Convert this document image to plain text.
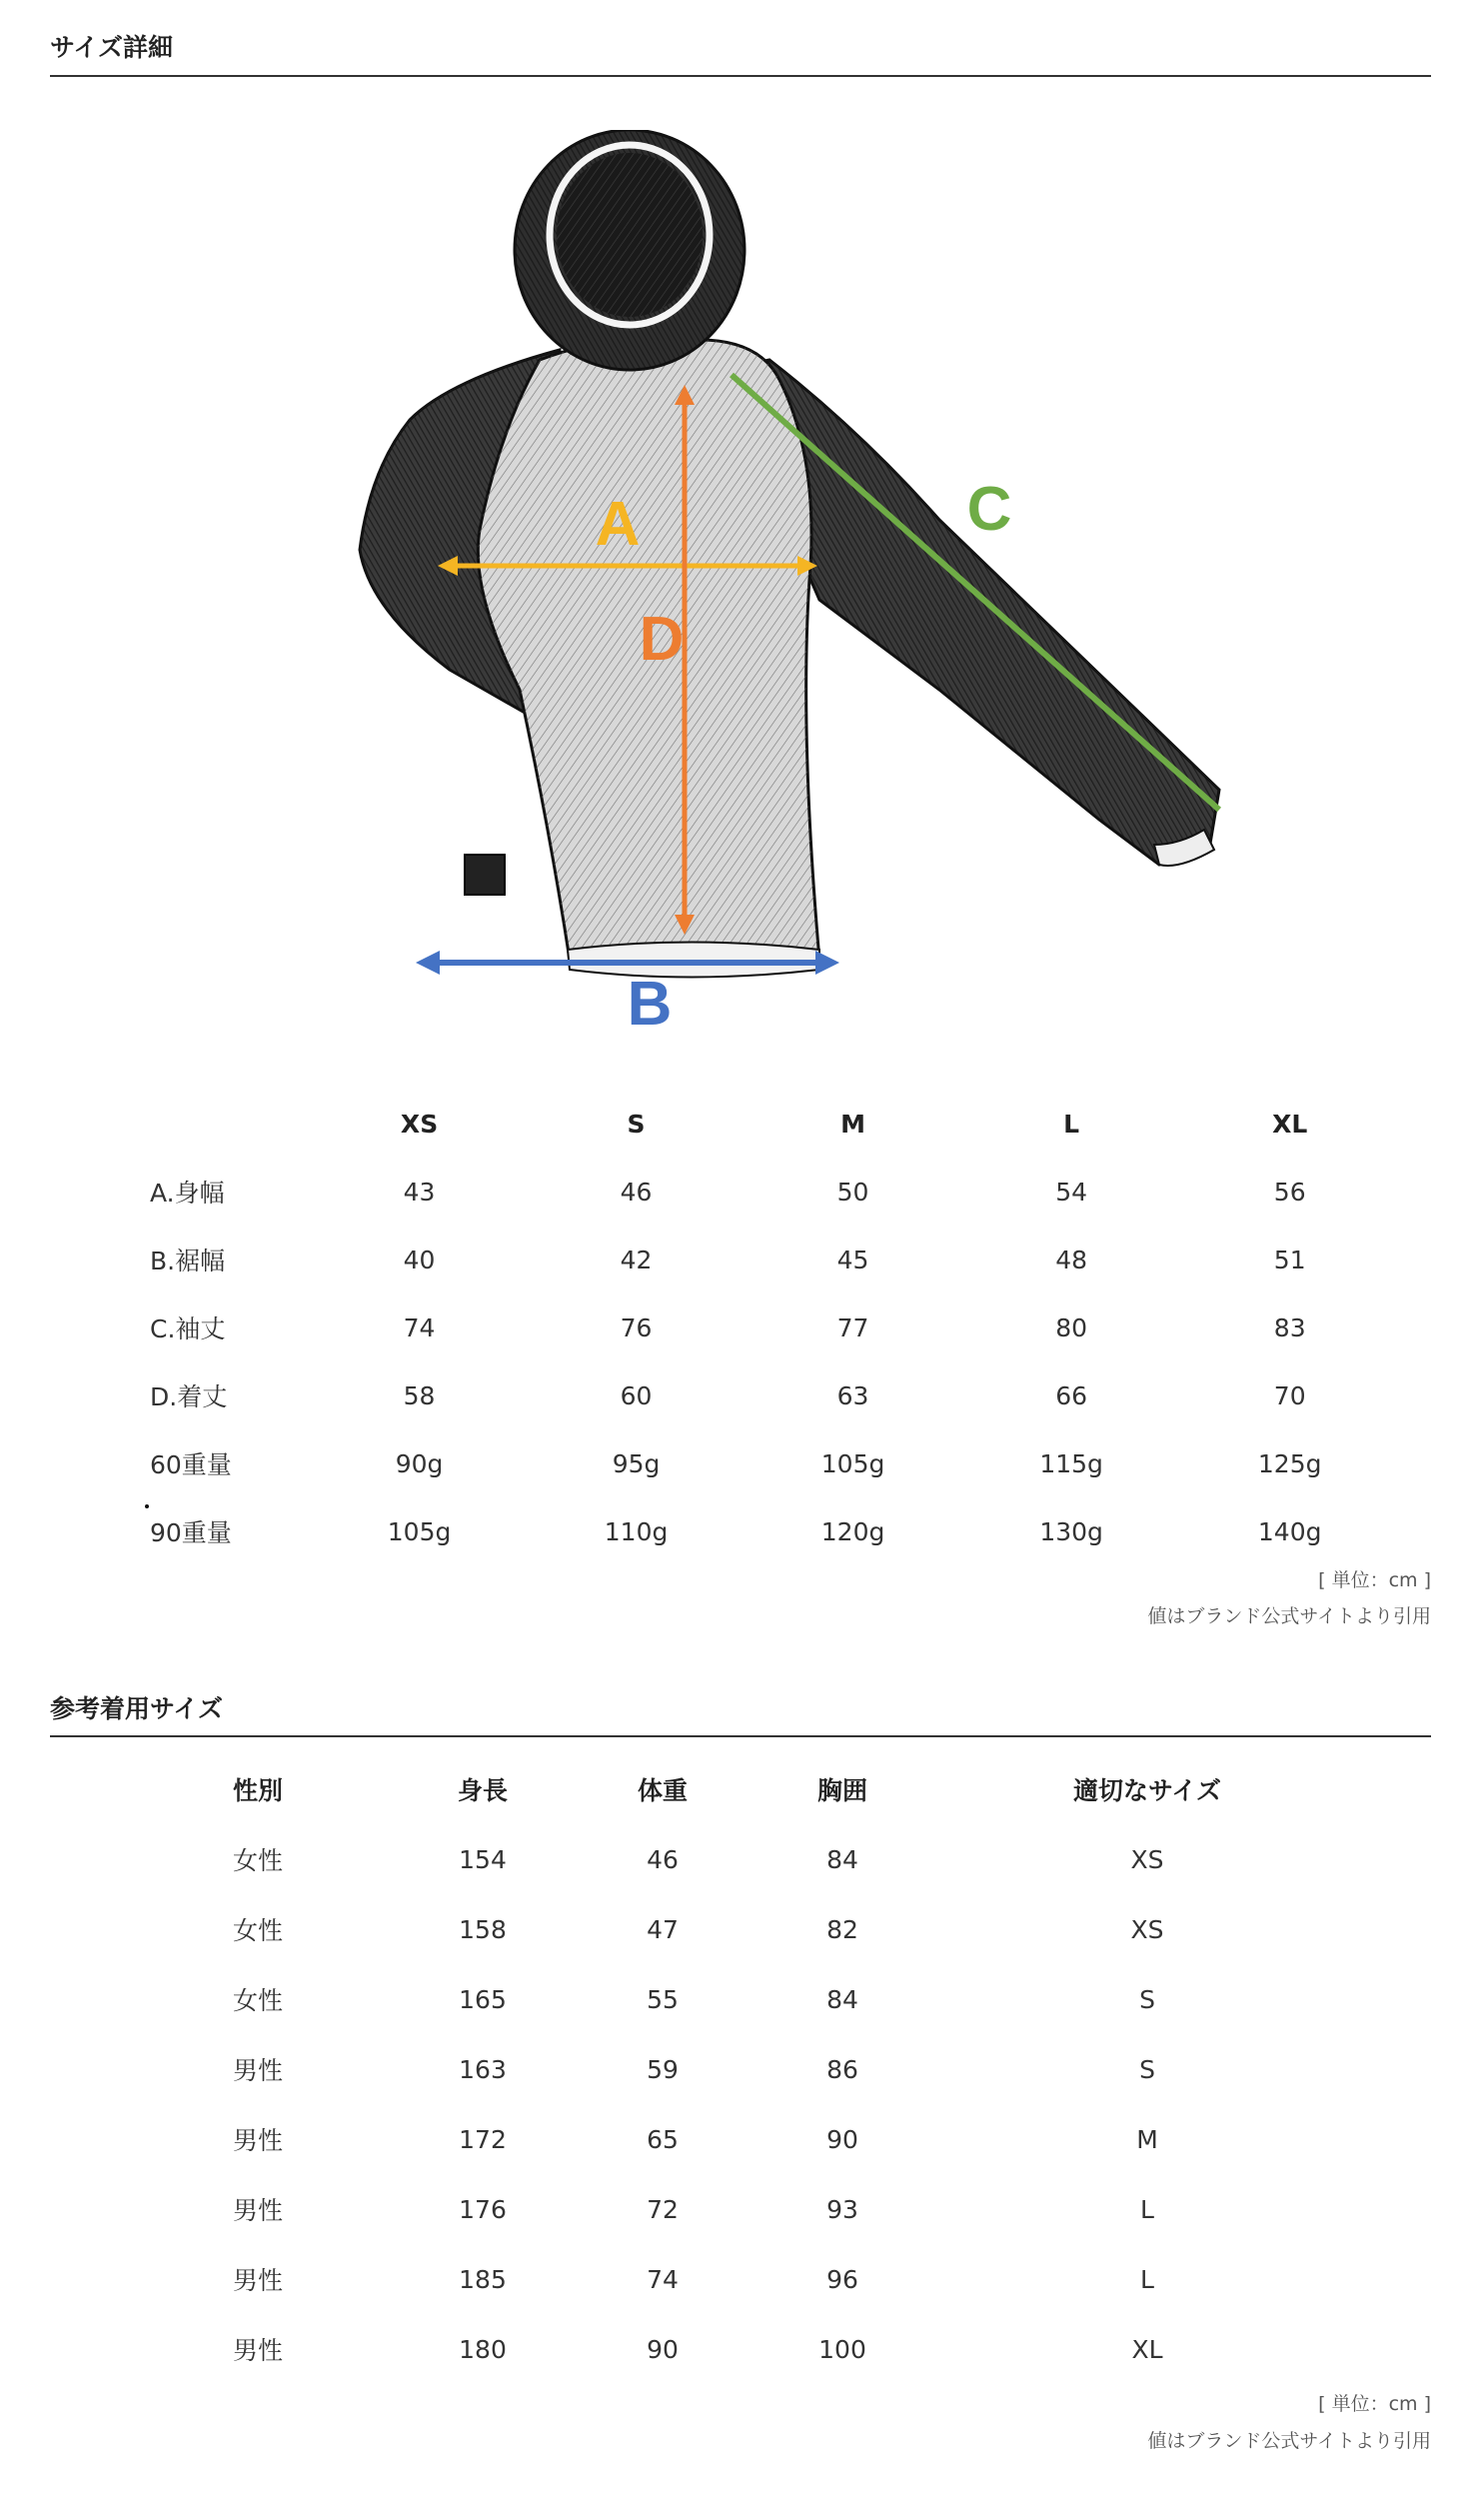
サイズ詳細
A
D
C
B
	XS	S	M	L	XL
A.身幅	43	46	50	54	56
B.裾幅	40	42	45	48	51
C.袖丈	74	76	77	80	83
D.着丈	58	60	63	66	70
60重量	90g	95g	105g	115g	125g
90重量	105g	110g	120g	130g	140g
[ 単位：cm ]
値はブランド公式サイトより引用
参考着用サイズ
性別	身長	体重	胸囲	適切なサイズ
女性	154	46	84	XS
女性	158	47	82	XS
女性	165	55	84	S
男性	163	59	86	S
男性	172	65	90	M
男性	176	72	93	L
男性	185	74	96	L
男性	180	90	100	XL
[ 単位：cm ]
値はブランド公式サイトより引用
